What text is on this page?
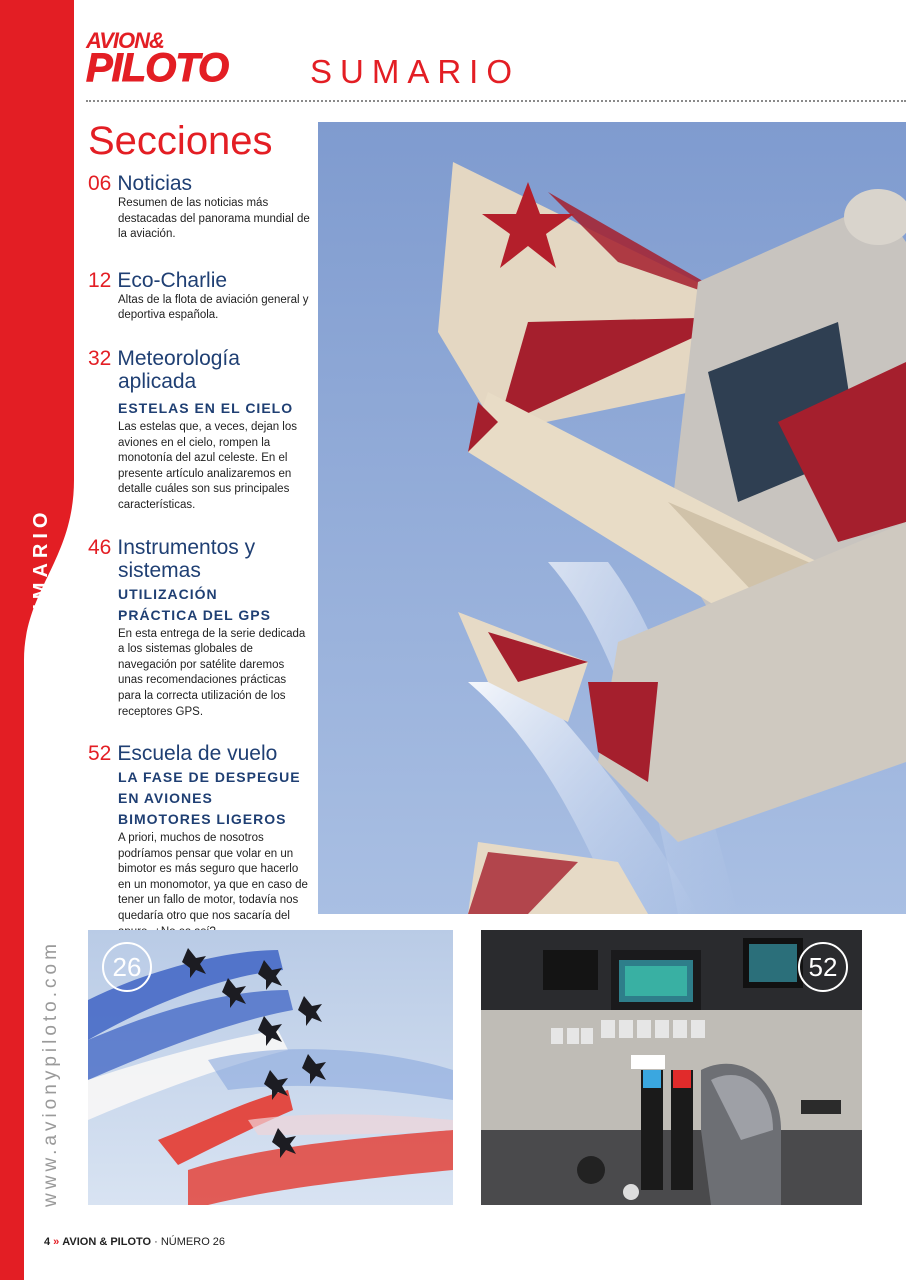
SUMARIO
www.avionypiloto.com
AVION&
PILOTO SUMARIO
Secciones
06 Noticias
Resumen de las noticias más destacadas del panorama mundial de la aviación.
12 Eco-Charlie
Altas de la flota de aviación general y deportiva española.
32 Meteorología
aplicada
ESTELAS EN EL CIELO
Las estelas que, a veces, dejan los aviones en el cielo, rompen la monotonía del azul celeste. En el presente artículo analizaremos en detalle cuáles son sus principales características.
46 Instrumentos y
sistemas
UTILIZACIÓN PRÁCTICA DEL GPS
En esta entrega de la serie dedicada a los sistemas globales de navegación por satélite daremos unas recomendaciones prácticas para la correcta utilización de los receptores GPS.
52 Escuela de vuelo
LA FASE DE DESPEGUE EN AVIONES BIMOTORES LIGEROS
A priori, muchos de nosotros podríamos pensar que volar en un bimotor es más seguro que hacerlo en un monomotor, ya que en caso de tener un fallo de motor, todavía nos quedaría otro que nos sacaría del
26	52
4 » AVION & PILOTO · NÚMERO 26
